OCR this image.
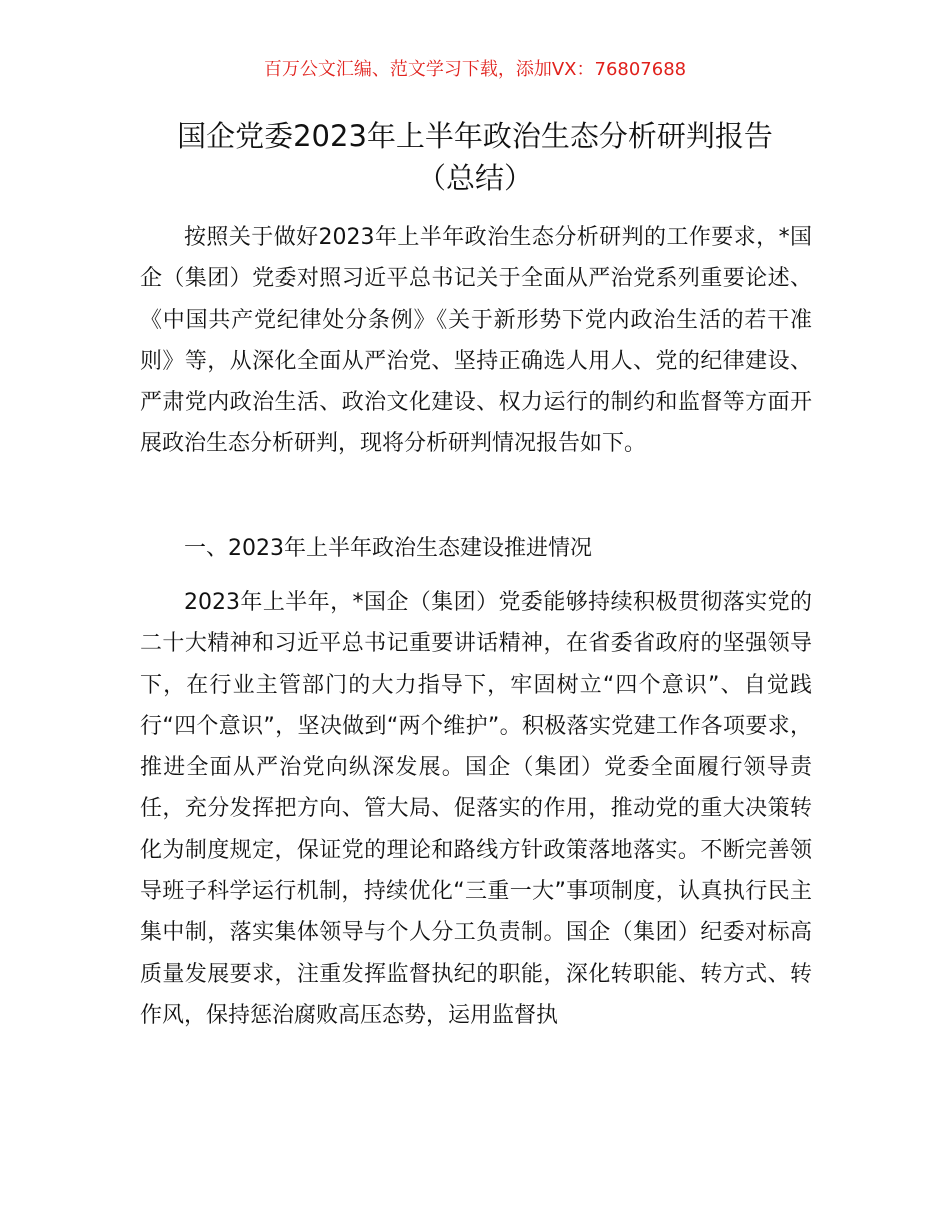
百万公文汇编、范文学习下载，添加VX：76807688
国企党委2023年上半年政治生态分析研判报告
（总结）

按照关于做好2023年上半年政治生态分析研判的工作要求，*国企（集团）党委对照习近平总书记关于全面从严治党系列重要论述、《中国共产党纪律处分条例》《关于新形势下党内政治生活的若干准则》等，从深化全面从严治党、坚持正确选人用人、党的纪律建设、严肃党内政治生活、政治文化建设、权力运行的制约和监督等方面开展政治生态分析研判，现将分析研判情况报告如下。

一、2023年上半年政治生态建设推进情况

2023年上半年，*国企（集团）党委能够持续积极贯彻落实党的二十大精神和习近平总书记重要讲话精神，在省委省政府的坚强领导下，在行业主管部门的大力指导下，牢固树立“四个意识”、自觉践行“四个意识”，坚决做到“两个维护”。积极落实党建工作各项要求，推进全面从严治党向纵深发展。国企（集团）党委全面履行领导责任，充分发挥把方向、管大局、促落实的作用，推动党的重大决策转化为制度规定，保证党的理论和路线方针政策落地落实。不断完善领导班子科学运行机制，持续优化“三重一大”事项制度，认真执行民主集中制，落实集体领导与个人分工负责制。国企（集团）纪委对标高质量发展要求，注重发挥监督执纪的职能，深化转职能、转方式、转作风，保持惩治腐败高压态势，运用监督执
